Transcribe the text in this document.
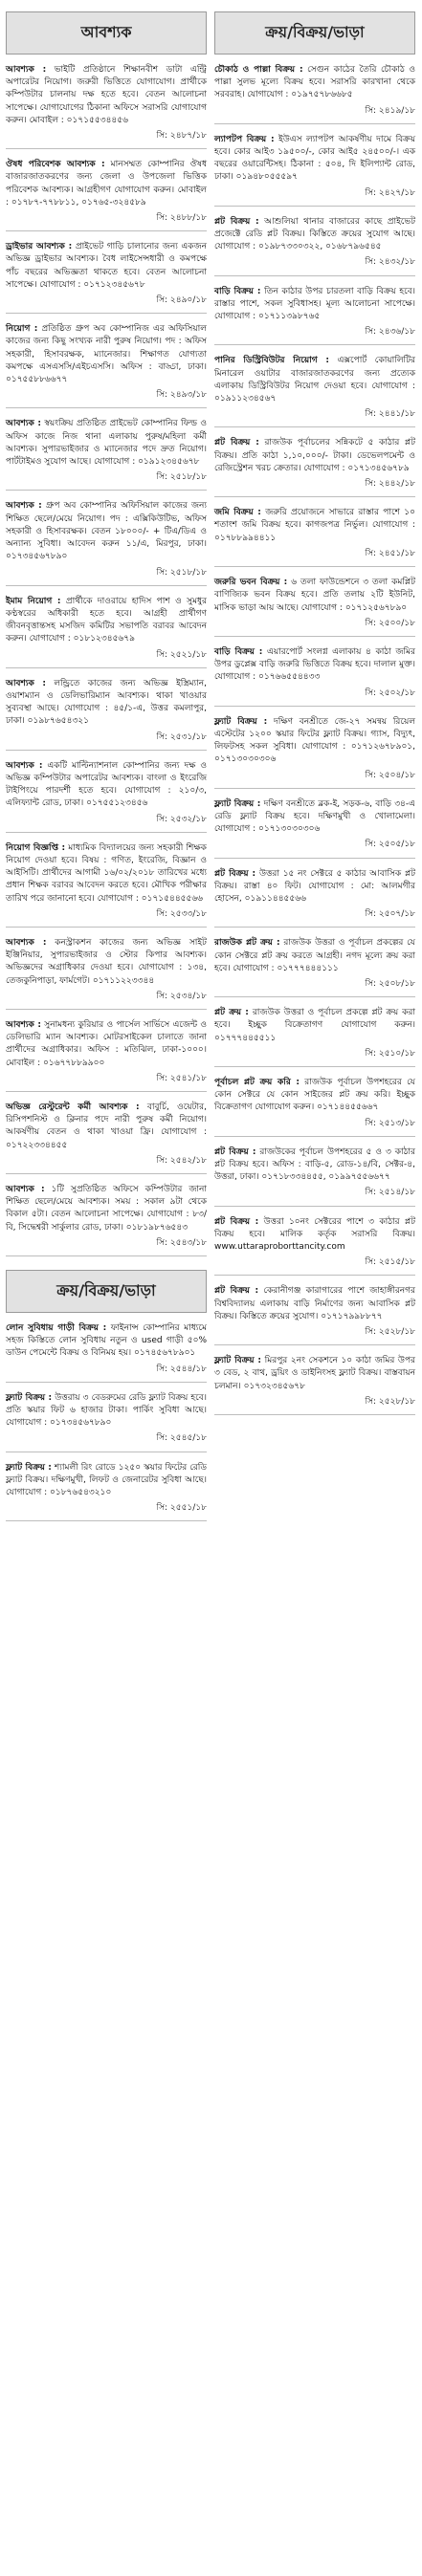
আবশ্যক
আবশ্যক : ভাইটি প্রতিষ্ঠানে শিক্ষানবীশ ডাটা এন্ট্রি অপারেটর নিয়োগ। জরুরী ভিত্তিতে যোগাযোগ। প্রার্থীকে কম্পিউটার চালনায় দক্ষ হতে হবে। বেতন আলোচনা সাপেক্ষে। যোগাযোগের ঠিকানা অফিসে সরাসরি যোগাযোগ করুন। মোবাইল : ০১৭১৫৫৩৪৪৫৬
সি: ২৪৮৭/১৮
ঔষধ পরিবেশক আবশ্যক : মানসম্মত কোম্পানির ঔষধ বাজারজাতকরণের জন্য জেলা ও উপজেলা ভিত্তিক পরিবেশক আবশ্যক। আগ্রহীগণ যোগাযোগ করুন। মোবাইল : ০১৭৮৭-৭৭৮৮১১, ০১৭৬৫-৩২৪৫৮৯
সি: ২৪৮৮/১৮
ড্রাইভার আবশ্যক : প্রাইভেট গাড়ি চালানোর জন্য একজন অভিজ্ঞ ড্রাইভার আবশ্যক। বৈধ লাইসেন্সধারী ও কমপক্ষে পাঁচ বছরের অভিজ্ঞতা থাকতে হবে। বেতন আলোচনা সাপেক্ষে। যোগাযোগ : ০১৭১২৩৪৫৬৭৮
সি: ২৪৯০/১৮
নিয়োগ : প্রতিষ্ঠিত গ্রুপ অব কোম্পানিজ এর অফিসিয়াল কাজের জন্য কিছু সংখ্যক নারী পুরুষ নিয়োগ। পদ : অফিস সহকারী, হিসাবরক্ষক, ম্যানেজার। শিক্ষাগত যোগ্যতা কমপক্ষে এসএসসি/এইচএসসি। অফিস : বাড্ডা, ঢাকা। ০১৭৫৫৮৮৬৬৭৭
সি: ২৪৯৩/১৮
আবশ্যক : স্বয়ংক্রিয় প্রতিষ্ঠিত প্রাইভেট কোম্পানির ফিল্ড ও অফিস কাজে নিজ থানা এলাকায় পুরুষ/মহিলা কর্মী আবশ্যক। সুপারভাইজার ও ম্যানেজার পদে দ্রুত নিয়োগ। পার্টটাইমও সুযোগ আছে। যোগাযোগ : ০১৯১২৩৪৫৬৭৮
সি: ২৫১৮/১৮
আবশ্যক : গ্রুপ অব কোম্পানির অফিসিয়াল কাজের জন্য শিক্ষিত ছেলে/মেয়ে নিয়োগ। পদ : এক্সিকিউটিভ, অফিস সহকারী ও হিসাবরক্ষক। বেতন ১৮০০০/- + টিএ/ডিএ ও অন্যান্য সুবিধা। আবেদন করুন ১১/এ, মিরপুর, ঢাকা। ০১৭৩৪৫৬৭৮৯০
সি: ২৫১৮/১৮
ইমাম নিয়োগ : প্রার্থীকে দাওরায়ে হাদিস পাশ ও সুমধুর কণ্ঠস্বরের অধিকারী হতে হবে। আগ্রহী প্রার্থীগণ জীবনবৃত্তান্তসহ মসজিদ কমিটির সভাপতি বরাবর আবেদন করুন। যোগাযোগ : ০১৮১২৩৪৫৬৭৯
সি: ২৫২১/১৮
আবশ্যক : লন্ড্রিতে কাজের জন্য অভিজ্ঞ ইস্ত্রিম্যান, ওয়াশম্যান ও ডেলিভারিম্যান আবশ্যক। থাকা খাওয়ার সুব্যবস্থা আছে। যোগাযোগ : ৪৫/১-এ, উত্তর কমলাপুর, ঢাকা। ০১৯৮৭৬৫৪৩২১
সি: ২৫৩১/১৮
আবশ্যক : একটি মাল্টিন্যাশনাল কোম্পানির জন্য দক্ষ ও অভিজ্ঞ কম্পিউটার অপারেটর আবশ্যক। বাংলা ও ইংরেজি টাইপিংয়ে পারদর্শী হতে হবে। যোগাযোগ : ২১০/৩, এলিফ্যান্ট রোড, ঢাকা। ০১৭৫৫১২৩৪৫৬
সি: ২৫৩২/১৮
নিয়োগ বিজ্ঞপ্তি : মাধ্যমিক বিদ্যালয়ের জন্য সহকারী শিক্ষক নিয়োগ দেওয়া হবে। বিষয় : গণিত, ইংরেজি, বিজ্ঞান ও আইসিটি। প্রার্থীদের আগামী ১৬/০২/২০১৮ তারিখের মধ্যে প্রধান শিক্ষক বরাবর আবেদন করতে হবে। মৌখিক পরীক্ষার তারিখ পরে জানানো হবে। যোগাযোগ : ০১৭১৫৪৪৫৫৬৬
সি: ২৫৩৩/১৮
আবশ্যক : কনস্ট্রাকশন কাজের জন্য অভিজ্ঞ সাইট ইঞ্জিনিয়ার, সুপারভাইজার ও স্টোর কিপার আবশ্যক। অভিজ্ঞদের অগ্রাধিকার দেওয়া হবে। যোগাযোগ : ১৩৪, তেজকুনিপাড়া, ফার্মগেট। ০১৭১১২২৩৩৪৪
সি: ২৫৩৪/১৮
আবশ্যক : সুনামধন্য কুরিয়ার ও পার্সেল সার্ভিসে এজেন্ট ও ডেলিভারি ম্যান আবশ্যক। মোটরসাইকেল চালাতে জানা প্রার্থীদের অগ্রাধিকার। অফিস : মতিঝিল, ঢাকা-১০০০। মোবাইল : ০১৬৭৭৮৮৯৯০০
সি: ২৫৪১/১৮
অভিজ্ঞ রেস্টুরেন্ট কর্মী আবশ্যক : বাবুর্চি, ওয়েটার, রিসিপশনিস্ট ও ক্লিনার পদে নারী পুরুষ কর্মী নিয়োগ। আকর্ষণীয় বেতন ও থাকা খাওয়া ফ্রি। যোগাযোগ : ০১৭২২৩৩৪৪৫৫
সি: ২৫৪২/১৮
আবশ্যক : ১টি সুপ্রতিষ্ঠিত অফিসে কম্পিউটার জানা শিক্ষিত ছেলে/মেয়ে আবশ্যক। সময় : সকাল ৯টা থেকে বিকাল ৫টা। বেতন আলোচনা সাপেক্ষে। যোগাযোগ : ৮৩/বি, সিদ্ধেশ্বরী সার্কুলার রোড, ঢাকা। ০১৮১৯৮৭৬৫৪৩
সি: ২৫৪৩/১৮
ক্রয়/বিক্রয়/ভাড়া
লোন সুবিধায় গাড়ী বিক্রয় : ফাইনান্স কোম্পানির মাধ্যমে সহজ কিস্তিতে লোন সুবিধায় নতুন ও used গাড়ী ৫০% ডাউন পেমেন্টে বিক্রয় ও বিনিময় হয়। ০১৭৪৫৬৭৮৯০১
সি: ২৫৪৪/১৮
ফ্ল্যাট বিক্রয় : উত্তরায় ৩ বেডরুমের রেডি ফ্ল্যাট বিক্রয় হবে। প্রতি স্কয়ার ফিট ৬ হাজার টাকা। পার্কিং সুবিধা আছে। যোগাযোগ : ০১৭৩৪৫৬৭৮৯০
সি: ২৫৪৫/১৮
ফ্ল্যাট বিক্রয় : শ্যামলী রিং রোডে ১২৫০ স্কয়ার ফিটের রেডি ফ্ল্যাট বিক্রয়। দক্ষিণমুখী, লিফট ও জেনারেটর সুবিধা আছে। যোগাযোগ : ০১৮৭৬৫৪৩২১০
সি: ২৫৫১/১৮
ক্রয়/বিক্রয়/ভাড়া
চৌকাঠ ও পাল্লা বিক্রয় : সেগুন কাঠের তৈরি চৌকাঠ ও পাল্লা সুলভ মূল্যে বিক্রয় হবে। সরাসরি কারখানা থেকে সরবরাহ। যোগাযোগ : ০১৯৭৫৭৮৬৬৮৫
সি: ২৪১৯/১৮
ল্যাপটপ বিক্রয় : ইউএস ল্যাপটপ আকর্ষণীয় দামে বিক্রয় হবে। কোর আই৩ ১৯৫০০/-, কোর আই৫ ২৪৫০০/-। এক বছরের ওয়ারেন্টিসহ। ঠিকানা : ৫০৪, দি ইলিপ্যান্ট রোড, ঢাকা। ০১৯৪৮০৫৫৫৯৭
সি: ২৪২৭/১৮
প্লট বিক্রয় : আশুলিয়া থানার বাজারের কাছে প্রাইভেট প্রজেক্টে রেডি প্লট বিক্রয়। কিস্তিতে ক্রয়ের সুযোগ আছে। যোগাযোগ : ০১৯৮৭৩৩০৩২২, ০১৬৮৭৯৬৫৪৫
সি: ২৪৩২/১৮
বাড়ি বিক্রয় : তিন কাঠার উপর চারতলা বাড়ি বিক্রয় হবে। রাস্তার পাশে, সকল সুবিধাসহ। মূল্য আলোচনা সাপেক্ষে। যোগাযোগ : ০১৭১১৩৯৮৭৬৫
সি: ২৪৩৬/১৮
পানির ডিস্ট্রিবিউটর নিয়োগ : এক্সপোর্ট কোয়ালিটির মিনারেল ওয়াটার বাজারজাতকরণের জন্য প্রত্যেক এলাকায় ডিস্ট্রিবিউটর নিয়োগ দেওয়া হবে। যোগাযোগ : ০১৯১১২৩৪৫৬৭
সি: ২৪৪১/১৮
প্লট বিক্রয় : রাজউক পূর্বাচলের সন্নিকটে ৫ কাঠার প্লট বিক্রয়। প্রতি কাঠা ১,১০,০০০/- টাকা। ডেভেলপমেন্ট ও রেজিস্ট্রেশন খরচ ক্রেতার। যোগাযোগ : ০১৭১৩৪৫৬৭৮৯
সি: ২৪৪২/১৮
জমি বিক্রয় : জরুরি প্রয়োজনে সাভারে রাস্তার পাশে ১০ শতাংশ জমি বিক্রয় হবে। কাগজপত্র নির্ভুল। যোগাযোগ : ০১৭৮৮৯৯৪৪১১
সি: ২৪৫১/১৮
জরুরি ভবন বিক্রয় : ৬ তলা ফাউন্ডেশনে ৩ তলা কমপ্লিট বাণিজ্যিক ভবন বিক্রয় হবে। প্রতি তলায় ২টি ইউনিট, মাসিক ভাড়া আয় আছে। যোগাযোগ : ০১৭১২৫৬৭৮৯০
সি: ২৫০০/১৮
বাড়ি বিক্রয় : এয়ারপোর্ট সংলগ্ন এলাকায় ৪ কাঠা জমির উপর ডুপ্লেক্স বাড়ি জরুরি ভিত্তিতে বিক্রয় হবে। দালাল মুক্ত। যোগাযোগ : ০১৭৬৬৫৫৪৪৩৩
সি: ২৫০২/১৮
ফ্ল্যাট বিক্রয় : দক্ষিণ বনশ্রীতে জে-২৭ সমন্বয় রিয়েল এস্টেটের ১২০০ স্কয়ার ফিটের ফ্ল্যাট বিক্রয়। গ্যাস, বিদ্যুৎ, লিফটসহ সকল সুবিধা। যোগাযোগ : ০১৭১২৬৭৮৯০১, ০১৭১৩০৩০৩০৬
সি: ২৫০৪/১৮
ফ্ল্যাট বিক্রয় : দক্ষিণ বনশ্রীতে ব্লক-ই, সড়ক-৬, বাড়ি ৩৪-এ রেডি ফ্ল্যাট বিক্রয় হবে। দক্ষিণমুখী ও খোলামেলা। যোগাযোগ : ০১৭১৩০৩০৩০৬
সি: ২৫০৫/১৮
প্লট বিক্রয় : উত্তরা ১৫ নং সেক্টরে ৫ কাঠার আবাসিক প্লট বিক্রয়। রাস্তা ৪০ ফিট। যোগাযোগ : মো: আলমগীর হোসেন, ০১৯১১৪৪৫৫৬৬
সি: ২৫০৭/১৮
রাজউক প্লট ক্রয় : রাজউক উত্তরা ও পূর্বাচল প্রকল্পের যে কোন সেক্টরে প্লট ক্রয় করতে আগ্রহী। নগদ মূল্যে ক্রয় করা হবে। যোগাযোগ : ০১৭৭৭৪৪৪১১১
সি: ২৫০৮/১৮
প্লট ক্রয় : রাজউক উত্তরা ও পূর্বাচল প্রকল্পে প্লট ক্রয় করা হবে। ইচ্ছুক বিক্রেতাগণ যোগাযোগ করুন। ০১৭৭৭৪৪৫৫১১
সি: ২৫১০/১৮
পূর্বাচল প্লট ক্রয় করি : রাজউক পূর্বাচল উপশহরের যে কোন সেক্টরে যে কোন সাইজের প্লট ক্রয় করি। ইচ্ছুক বিক্রেতাগণ যোগাযোগ করুন। ০১৭১৪৪৫৫৬৬৭
সি: ২৫১৩/১৮
প্লট বিক্রয় : রাজউকের পূর্বাচল উপশহরের ৫ ও ৩ কাঠার প্লট বিক্রয় হবে। অফিস : বাড়ি-৫, রোড-১৪/বি, সেক্টর-৪, উত্তরা, ঢাকা। ০১৭১৮৩৩৪৪৫৫, ০১৯৯৭৫৫৬৬৭৭
সি: ২৫১৪/১৮
প্লট বিক্রয় : উত্তরা ১০নং সেক্টরের পাশে ৩ কাঠার প্লট বিক্রয় হবে। মালিক কর্তৃক সরাসরি বিক্রয়। www.uttaraproborttancity.com
সি: ২৫১৫/১৮
প্লট বিক্রয় : কেরানীগঞ্জ কারাগারের পাশে জাহাঙ্গীরনগর বিশ্ববিদ্যালয় এলাকায় বাড়ি নির্মাণের জন্য আবাসিক প্লট বিক্রয়। কিস্তিতে ক্রয়ের সুযোগ। ০১৭১৭৯৯৮৮৭৭
সি: ২৫২৮/১৮
ফ্ল্যাট বিক্রয় : মিরপুর ২নং সেকশনে ১০ কাঠা জমির উপর ৩ বেড, ২ বাথ, ড্রয়িং ও ডাইনিংসহ ফ্ল্যাট বিক্রয়। বাস্তবায়ন চলমান। ০১৭৩২৩৪৫৬৭৮
সি: ২৫২৮/১৮
